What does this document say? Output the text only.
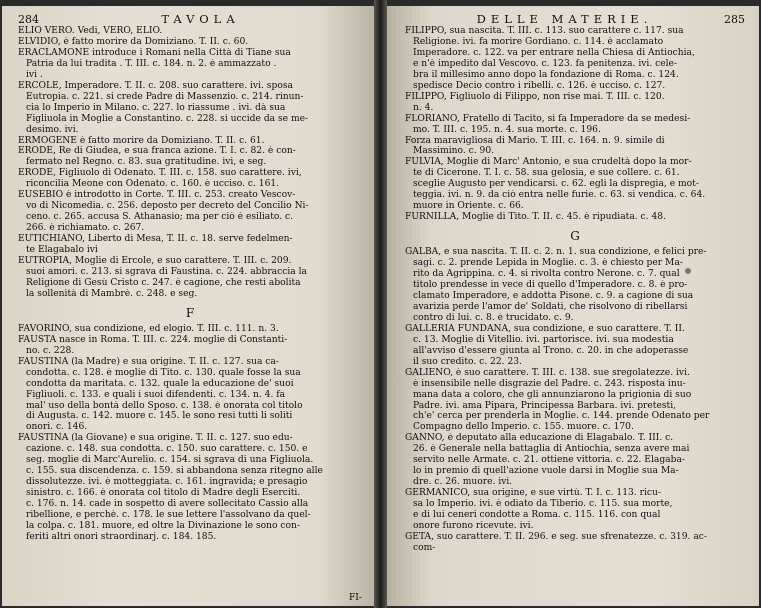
284	TAVOLA
ELIO VERO. Vedi, VERO, ELIO.
ELVIDIO, è fatto morire da Domiziano. T. II. c. 60.
ERACLAMONE introduce i Romani nella Città di Tiane sua
Patria da lui tradita . T. III. c. 184. n. 2. è ammazzato .
ivi .
ERCOLE, Imperadore. T. II. c. 208. suo carattere. ivi. sposa
Eutropia. c. 221. si crede Padre di Massenzio. c. 214. rinun-
cia lo Imperio in Milano. c. 227. lo riassume . ivi. dà sua
Figliuola in Moglie a Constantino. c. 228. si uccide da se me-
desimo. ivi.
ERMOGENE è fatto morire da Domiziano. T. II. c. 61.
ERODE, Re di Giudea, e sua franca azione. T. I. c. 82. è con-
fermato nel Regno. c. 83. sua gratitudine. ivi, e seg.
ERODE, Figliuolo di Odenato. T. III. c. 158. suo carattere. ivi,
riconcilia Meone con Odenato. c. 160. è ucciso. c. 161.
EUSEBIO è introdotto in Corte. T. III. c. 253. creato Vescov-
vo di Nicomedia. c. 256. deposto per decreto del Concilio Ni-
ceno. c. 265. accusa S. Athanasio; ma per ciò è esiliato. c.
266. è richiamato. c. 267.
EUTICHIANO, Liberto di Mesa, T. II. c. 18. serve fedelmen-
te Elagabalo ivi
EUTROPIA, Moglie di Ercole, e suo carattere. T. III. c. 209.
suoi amori. c. 213. si sgrava di Faustina. c. 224. abbraccia la
Religione di Gesù Cristo c. 247. è cagione, che resti abolita
la sollenità di Mambrè. c. 248. e seg.
F
FAVORINO, sua condizione, ed elogio. T. III. c. 111. n. 3.
FAUSTA nasce in Roma. T. III. c. 224. moglie di Constanti-
no. c. 228.
FAUSTINA (la Madre) e sua origine. T. II. c. 127. sua ca-
condotta. c. 128. è moglie di Tito. c. 130. quale fosse la sua
condotta da maritata. c. 132. quale la educazione de' suoi
Figliuoli. c. 133. e quali i suoi difendenti. c. 134. n. 4. fa
mal' uso della bontà dello Sposo. c. 138. è onorata col titolo
di Augusta. c. 142. muore c. 145. le sono resi tutti li soliti
onori. c. 146.
FAUSTINA (la Giovane) e sua origine. T. II. c. 127. suo edu-
cazione. c. 148. sua condotta. c. 150. suo carattere. c. 150. e
seg. moglie di Marc'Aurelio. c. 154. si sgrava di una Figliuola.
c. 155. sua discendenza. c. 159. si abbandona senza ritegno alle
dissolutezze. ivi. è motteggiata. c. 161. ingravida; e presagio
sinistro. c. 166. è onorata col titolo di Madre degli Eserciti.
c. 176. n. 14. cade in sospetto di avere sollecitato Cassio alla
ribellione, e perchè. c. 178. le sue lettere l'assolvano da quel-
la colpa. c. 181. muore, ed oltre la Divinazione le sono con-
feriti altri onori straordinarj. c. 184. 185.
FI-
DELLE MATERIE.	285
FILIPPO, sua nascita. T. III. c. 113. suo carattere c. 117. sua
Religione. ivi. fa morire Gordiano. c. 114. è acclamato
Imperadore. c. 122. va per entrare nella Chiesa di Antiochia,
e n'è impedito dal Vescovo. c. 123. fa penitenza. ivi. cele-
bra il millesimo anno dopo la fondazione di Roma. c. 124.
spedisce Decio contro i ribelli. c. 126. è ucciso. c. 127.
FILIPPO, Figliuolo di Filippo, non rise mai. T. III. c. 120.
n. 4.
FLORIANO, Fratello di Tacito, si fa Imperadore da se medesi-
mo. T. III. c. 195. n. 4. sua morte. c. 196.
Forza maravigliosa di Mario. T. III. c. 164. n. 9. simile di
Massimino. c. 90.
FULVIA, Moglie di Marc' Antonio, e sua crudeltà dopo la mor-
te di Cicerone. T. I. c. 58. sua gelosia, e sue collere. c. 61.
sceglie Augusto per vendicarsi. c. 62. egli la dispregia, e mot-
teggia. ivi. n. 9. da ciò entra nelle furie. c. 63. si vendica. c. 64.
muore in Oriente. c. 66.
FURNILLA, Moglie di Tito. T. II. c. 45. è ripudiata. c. 48.
G
GALBA, e sua nascita. T. II. c. 2. n. 1. sua condizione, e felici pre-
sagi. c. 2. prende Lepida in Moglie. c. 3. è chiesto per Ma-
rito da Agrippina. c. 4. si rivolta contro Nerone. c. 7. qual
titolo prendesse in vece di quello d'Imperadore. c. 8. è pro-
clamato Imperadore, e addotta Pisone. c. 9. a cagione di sua
avarizia perde l'amor de' Soldati, che risolvono di ribellarsi
contro di lui. c. 8. è trucidato. c. 9.
GALLERIA FUNDANA, sua condizione, e suo carattere. T. II.
c. 13. Moglie di Vitellio. ivi. partorisce. ivi. sua modestia
all'avviso d'essere giunta al Trono. c. 20. in che adoperasse
il suo credito. c. 22. 23.
GALIENO, è suo carattere. T. III. c. 138. sue sregolatezze. ivi.
è insensibile nelle disgrazie del Padre. c. 243. risposta inu-
mana data a coloro, che gli annunziarono la prigionia di suo
Padre. ivi. ama Pipara, Principessa Barbara. ivi. pretesti,
ch'e' cerca per prenderla in Moglie. c. 144. prende Odenato per
Compagno dello Imperio. c. 155. muore. c. 170.
GANNO, è deputato alla educazione di Elagabalo. T. III. c.
26. è Generale nella battaglia di Antiochia, senza avere mai
servito nelle Armate. c. 21. ottiene vittoria. c. 22. Elagaba-
lo in premio di quell'azione vuole darsi in Moglie sua Ma-
dre. c. 26. muore. ivi.
GERMANICO, sua origine, e sue virtù. T. I. c. 113. ricu-
sa lo Imperio. ivi. è odiato da Tiberio. c. 115. sua morte,
e di lui ceneri condotte a Roma. c. 115. 116. con qual
onore furono ricevute. ivi.
GETA, suo carattere. T. II. 296. e seg. sue sfrenatezze. c. 319. ac-
com-
